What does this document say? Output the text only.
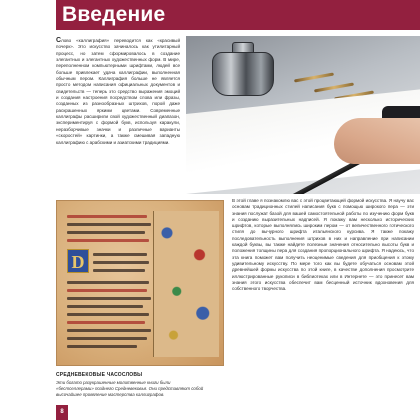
Введение

Слово «каллиграфия» переводится как «красивый почерк». Это искусство зачиналось как утилитарный процесс, но затем сформировалось в создание элегантных и элегантных художественных форм. В мире, переполненном компьютерными шрифтами, людей все больше привлекает удача каллиграфии, выполненная обычным пером. Каллиграфия больше не является просто методом написания официальных документов и свидетельств — теперь это средство выражения эмоций и создания настроения посредством слова или фразы, созданных из разнообразных штрихов, порой даже раскрашенных яркими цветами. Современные каллиграфы расширили свой художественный диапазон, экспериментируя с формой букв, используя каракули, неразборчивые значки и различные варианты «скоростей» картинки, а также смешивая западную каллиграфию с арабскими и азиатскими традициями.

D

В этой главе я познакомлю вас с этой процветающей формой искусства. Я научу вас основам традиционных стилей написания букв с помощью широкого пера — эти знания послужат базой для вашей самостоятельной работы по изучению форм букв и созданию выразительных надписей. Я покажу вам несколько исторических шрифтов, которые выполнялись широким пером — от величественного готического стиля до вычурного шрифта итальянского курсива. Я также покажу последовательность выполнения штрихов в них и направление при написании каждой буквы, вы также найдете полезные значения относительно высоты букв и положения толщины пера для создания пропорционального шрифта. Я надеюсь, что эта книга поможет вам получить неоценимые сведения для приобщения к этому удивительному искусству. По мере того как вы будете обучаться основам этой древнейшей формы искусства по этой книге, в качестве дополнения просмотрите иллюстрированные рукописи в библиотеках или в Интернете — это принесет вам знания этого искусства обеспечит вам бесценный источник вдохновения для собственного творчества.

СРЕДНЕВЕКОВЫЕ ЧАСОСЛОВЫ

Эти богато разукрашенные молитвенные книги были «бестселлерами» позднего Средневековья. Они представляют собой высочайшее проявление мастерства каллиграфов.

8
